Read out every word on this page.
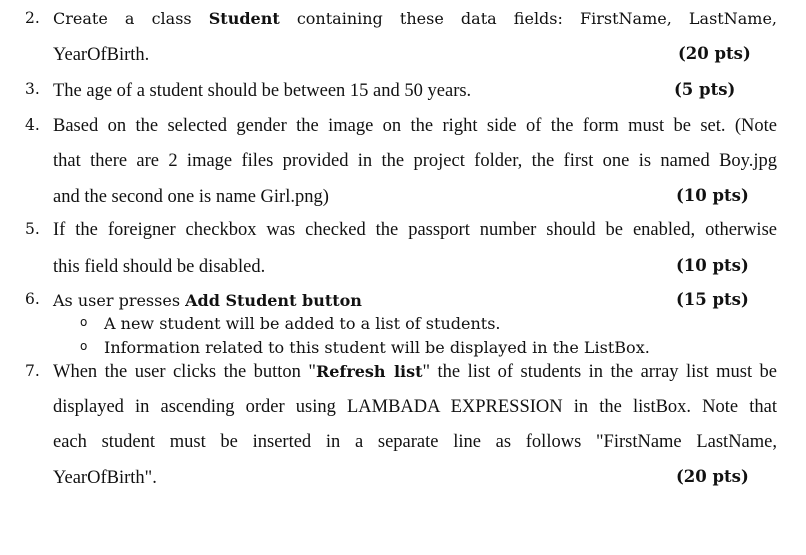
2. Create a class Student containing these data fields: FirstName, LastName,
YearOfBirth.	(20 pts)
3. The age of a student should be between 15 and 50 years.	(5 pts)
4. Based on the selected gender the image on the right side of the form must be set. (Note
that there are 2 image files provided in the project folder, the first one is named Boy.jpg
and the second one is name Girl.png)	(10 pts)
5. If the foreigner checkbox was checked the passport number should be enabled, otherwise
this field should be disabled.	(10 pts)
6. As user presses Add Student button	(15 pts)
o A new student will be added to a list of students.
o Information related to this student will be displayed in the ListBox.
7. When the user clicks the button "Refresh list" the list of students in the array list must be
displayed in ascending order using LAMBADA EXPRESSION in the listBox. Note that
each student must be inserted in a separate line as follows "FirstName LastName,
YearOfBirth".	(20 pts)
